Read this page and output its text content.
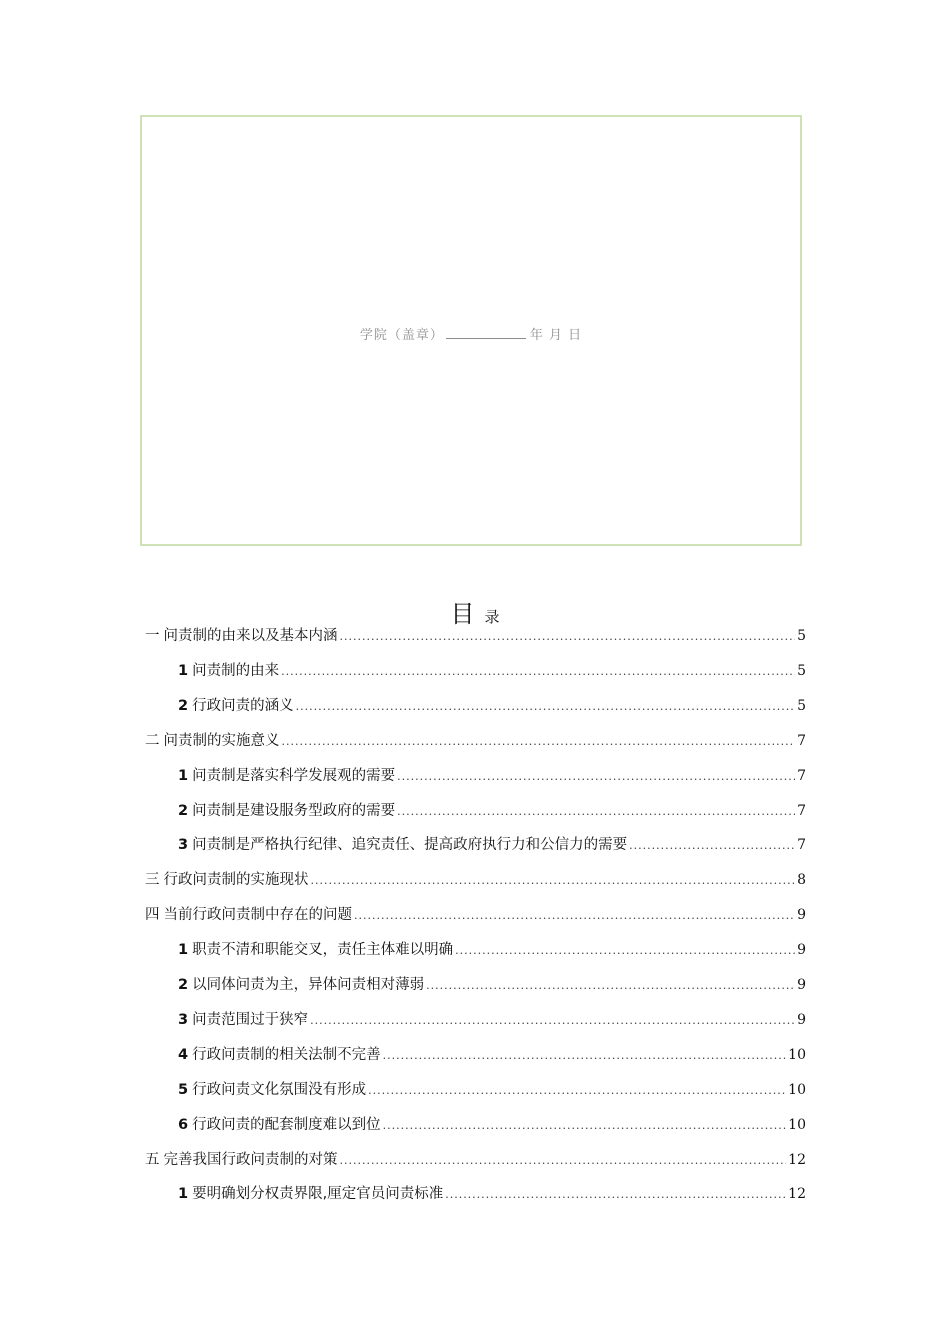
学院（盖章）	年 月 日
目录
一 问责制的由来以及基本内涵 .....	5
1 问责制的由来 .....	5
2 行政问责的涵义 .....	5
二 问责制的实施意义 .....	7
1 问责制是落实科学发展观的需要 .....	7
2 问责制是建设服务型政府的需要 .....	7
3 问责制是严格执行纪律、追究责任、提高政府执行力和公信力的需要 .....	7
三 行政问责制的实施现状 .....	8
四 当前行政问责制中存在的问题 .....	9
1 职责不清和职能交叉，责任主体难以明确 .....	9
2 以同体问责为主，异体问责相对薄弱 .....	9
3 问责范围过于狭窄 .....	9
4 行政问责制的相关法制不完善 .....	10
5 行政问责文化氛围没有形成 .....	10
6 行政问责的配套制度难以到位 .....	10
五 完善我国行政问责制的对策 .....	12
1 要明确划分权责界限,厘定官员问责标准 .....	12
